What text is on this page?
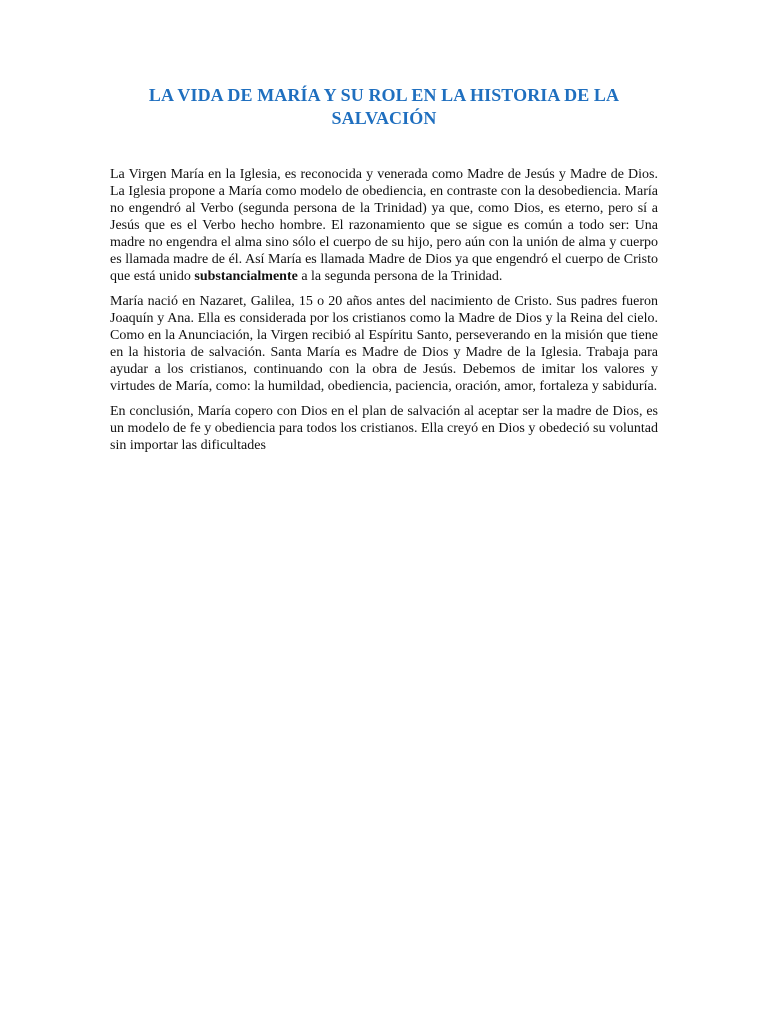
LA VIDA DE MARÍA Y SU ROL EN LA HISTORIA DE LA SALVACIÓN

La Virgen María en la Iglesia, es reconocida y venerada como Madre de Jesús y Madre de Dios. La Iglesia propone a María como modelo de obediencia, en contraste con la desobediencia. María no engendró al Verbo (segunda persona de la Trinidad) ya que, como Dios, es eterno, pero sí a Jesús que es el Verbo hecho hombre. El razonamiento que se sigue es común a todo ser: Una madre no engendra el alma sino sólo el cuerpo de su hijo, pero aún con la unión de alma y cuerpo es llamada madre de él. Así María es llamada Madre de Dios ya que engendró el cuerpo de Cristo que está unido substancialmente a la segunda persona de la Trinidad.

María nació en Nazaret, Galilea, 15 o 20 años antes del nacimiento de Cristo. Sus padres fueron Joaquín y Ana. Ella es considerada por los cristianos como la Madre de Dios y la Reina del cielo. Como en la Anunciación, la Virgen recibió al Espíritu Santo, perseverando en la misión que tiene en la historia de salvación. Santa María es Madre de Dios y Madre de la Iglesia. Trabaja para ayudar a los cristianos, continuando con la obra de Jesús. Debemos de imitar los valores y virtudes de María, como: la humildad, obediencia, paciencia, oración, amor, fortaleza y sabiduría.

En conclusión, María copero con Dios en el plan de salvación al aceptar ser la madre de Dios, es un modelo de fe y obediencia para todos los cristianos. Ella creyó en Dios y obedeció su voluntad sin importar las dificultades
